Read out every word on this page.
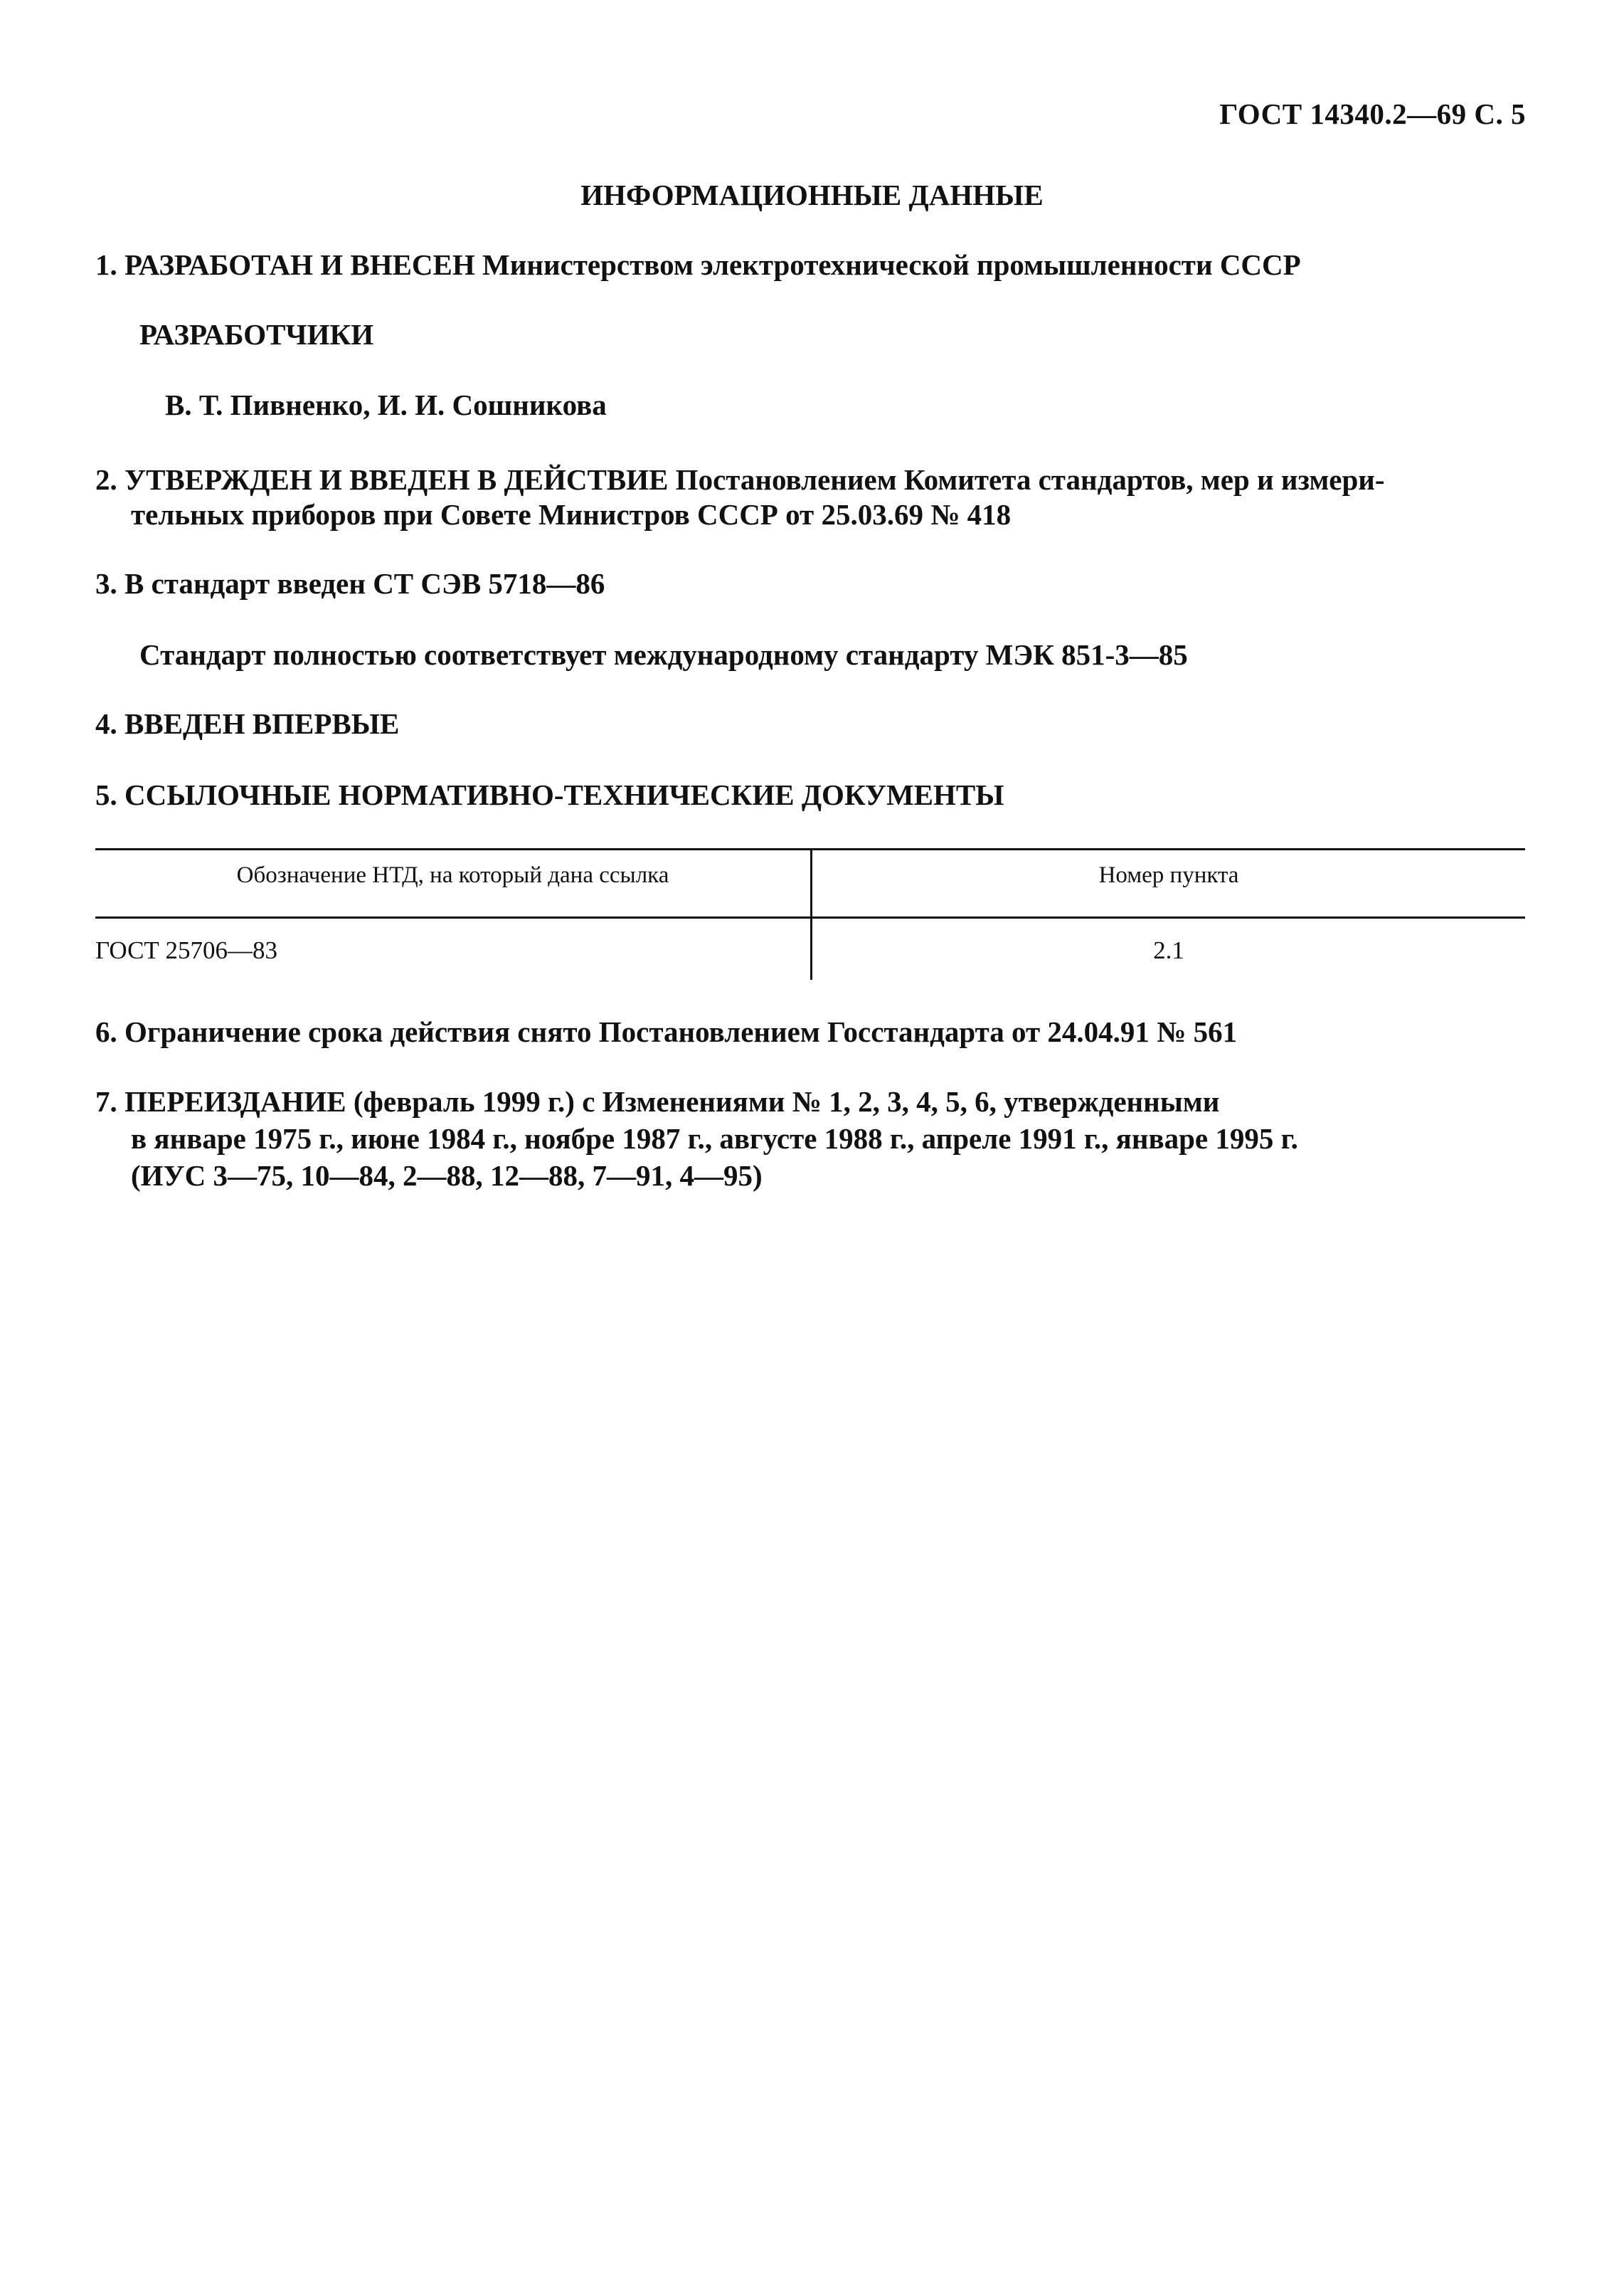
ГОСТ 14340.2—69 С. 5
ИНФОРМАЦИОННЫЕ ДАННЫЕ
1. РАЗРАБОТАН И ВНЕСЕН Министерством электротехнической промышленности СССР
РАЗРАБОТЧИКИ
В. Т. Пивненко, И. И. Сошникова
2. УТВЕРЖДЕН И ВВЕДЕН В ДЕЙСТВИЕ Постановлением Комитета стандартов, мер и измери-
тельных приборов при Совете Министров СССР от 25.03.69 № 418
3. В стандарт введен СТ СЭВ 5718—86
Стандарт полностью соответствует международному стандарту МЭК 851-3—85
4. ВВЕДЕН ВПЕРВЫЕ
5. ССЫЛОЧНЫЕ НОРМАТИВНО-ТЕХНИЧЕСКИЕ ДОКУМЕНТЫ
Обозначение НТД, на который дана ссылка	Номер пункта
ГОСТ 25706—83	2.1
6. Ограничение срока действия снято Постановлением Госстандарта от 24.04.91 № 561
7. ПЕРЕИЗДАНИЕ (февраль 1999 г.) с Изменениями № 1, 2, 3, 4, 5, 6, утвержденными
в январе 1975 г., июне 1984 г., ноябре 1987 г., августе 1988 г., апреле 1991 г., январе 1995 г.
(ИУС 3—75, 10—84, 2—88, 12—88, 7—91, 4—95)
